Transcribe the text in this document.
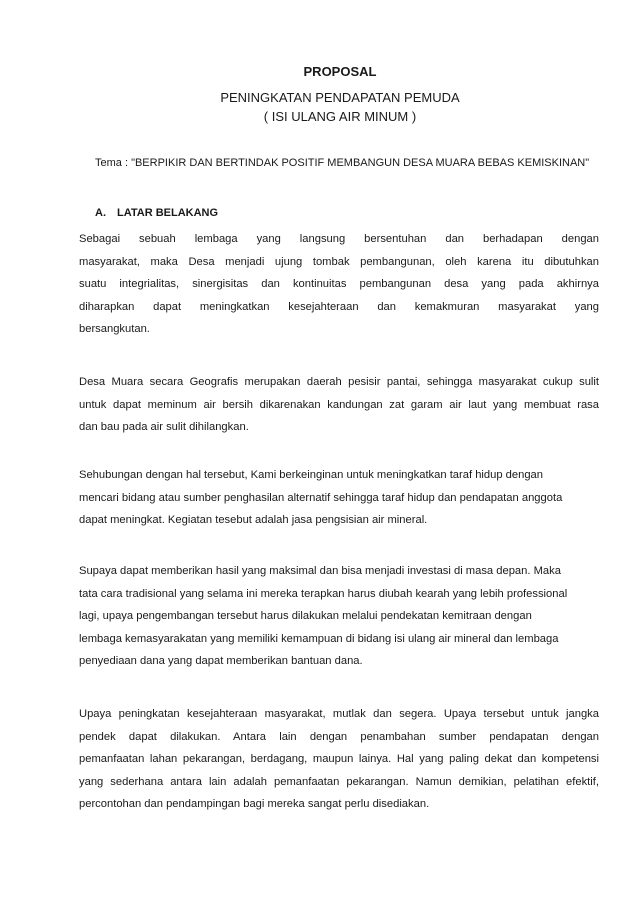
PROPOSAL
PENINGKATAN PENDAPATAN PEMUDA
( ISI ULANG AIR MINUM )
Tema : "BERPIKIR DAN BERTINDAK POSITIF MEMBANGUN DESA MUARA BEBAS KEMISKINAN"
A. LATAR BELAKANG
Sebagai sebuah lembaga yang langsung bersentuhan dan berhadapan dengan
masyarakat, maka Desa menjadi ujung tombak pembangunan, oleh karena itu dibutuhkan
suatu integrialitas, sinergisitas dan kontinuitas pembangunan desa yang pada akhirnya
diharapkan dapat meningkatkan kesejahteraan dan kemakmuran masyarakat yang
bersangkutan.
Desa Muara secara Geografis merupakan daerah pesisir pantai, sehingga masyarakat cukup sulit
untuk dapat meminum air bersih dikarenakan kandungan zat garam air laut yang membuat rasa
dan bau pada air sulit dihilangkan.
Sehubungan dengan hal tersebut, Kami berkeinginan untuk meningkatkan taraf hidup dengan
mencari bidang atau sumber penghasilan alternatif sehingga taraf hidup dan pendapatan anggota
dapat meningkat. Kegiatan tesebut adalah jasa pengsisian air mineral.
Supaya dapat memberikan hasil yang maksimal dan bisa menjadi investasi di masa depan. Maka
tata cara tradisional yang selama ini mereka terapkan harus diubah kearah yang lebih professional
lagi, upaya pengembangan tersebut harus dilakukan melalui pendekatan kemitraan dengan
lembaga kemasyarakatan yang memiliki kemampuan di bidang isi ulang air mineral dan lembaga
penyediaan dana yang dapat memberikan bantuan dana.
Upaya peningkatan kesejahteraan masyarakat, mutlak dan segera. Upaya tersebut untuk jangka
pendek dapat dilakukan. Antara lain dengan penambahan sumber pendapatan dengan
pemanfaatan lahan pekarangan, berdagang, maupun lainya. Hal yang paling dekat dan kompetensi
yang sederhana antara lain adalah pemanfaatan pekarangan. Namun demikian, pelatihan efektif,
percontohan dan pendampingan bagi mereka sangat perlu disediakan.
